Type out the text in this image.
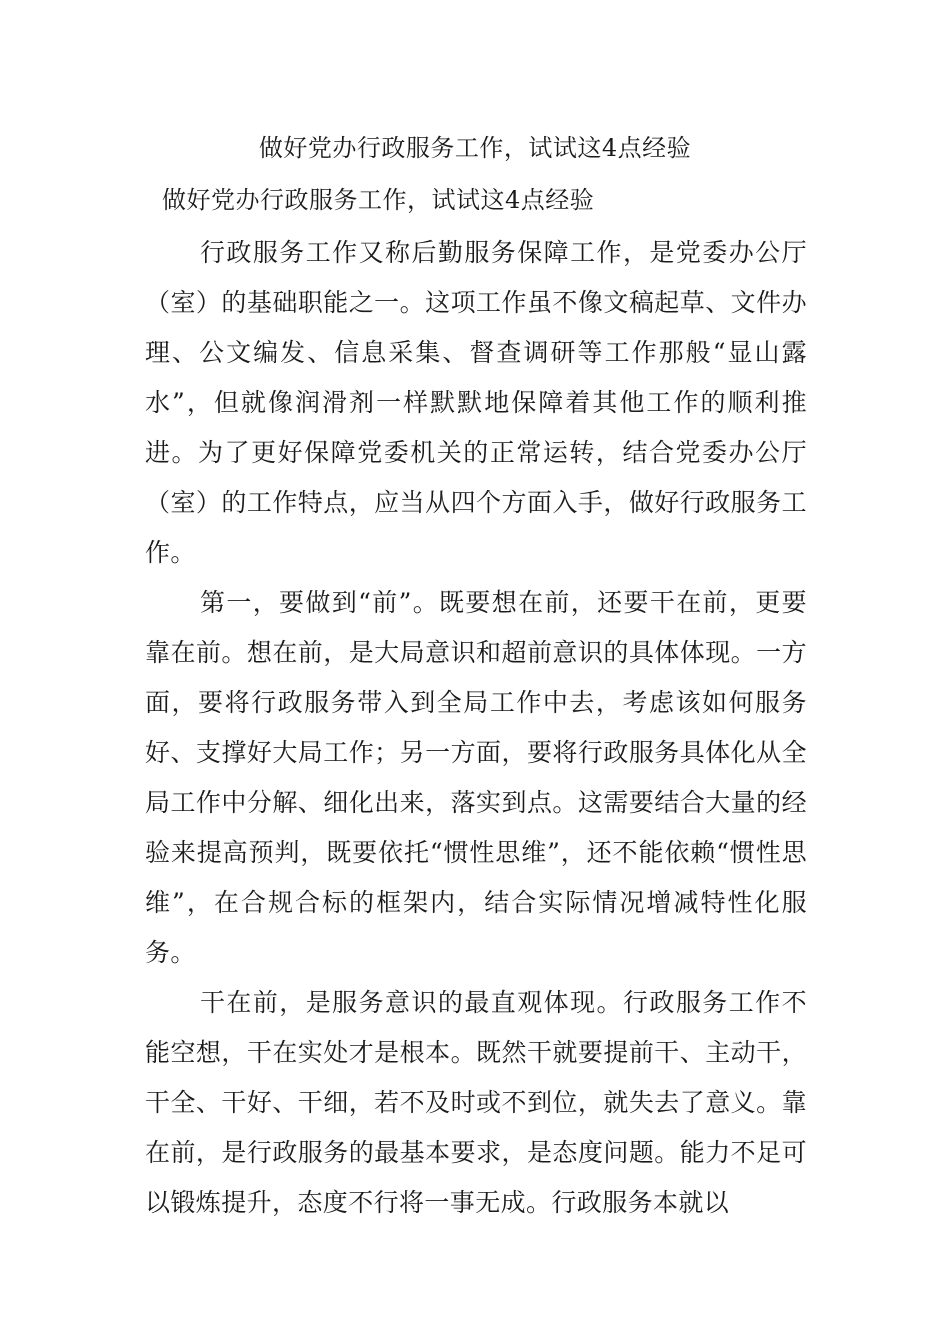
做好党办行政服务工作，试试这4点经验
做好党办行政服务工作，试试这4点经验

行政服务工作又称后勤服务保障工作，是党委办公厅（室）的基础职能之一。这项工作虽不像文稿起草、文件办理、公文编发、信息采集、督查调研等工作那般“显山露水”，但就像润滑剂一样默默地保障着其他工作的顺利推进。为了更好保障党委机关的正常运转，结合党委办公厅（室）的工作特点，应当从四个方面入手，做好行政服务工作。

第一，要做到“前”。既要想在前，还要干在前，更要靠在前。想在前，是大局意识和超前意识的具体体现。一方面，要将行政服务带入到全局工作中去，考虑该如何服务好、支撑好大局工作；另一方面，要将行政服务具体化从全局工作中分解、细化出来，落实到点。这需要结合大量的经验来提高预判，既要依托“惯性思维”，还不能依赖“惯性思维”，在合规合标的框架内，结合实际情况增减特性化服务。

干在前，是服务意识的最直观体现。行政服务工作不能空想，干在实处才是根本。既然干就要提前干、主动干，干全、干好、干细，若不及时或不到位，就失去了意义。靠在前，是行政服务的最基本要求，是态度问题。能力不足可以锻炼提升，态度不行将一事无成。行政服务本就以
